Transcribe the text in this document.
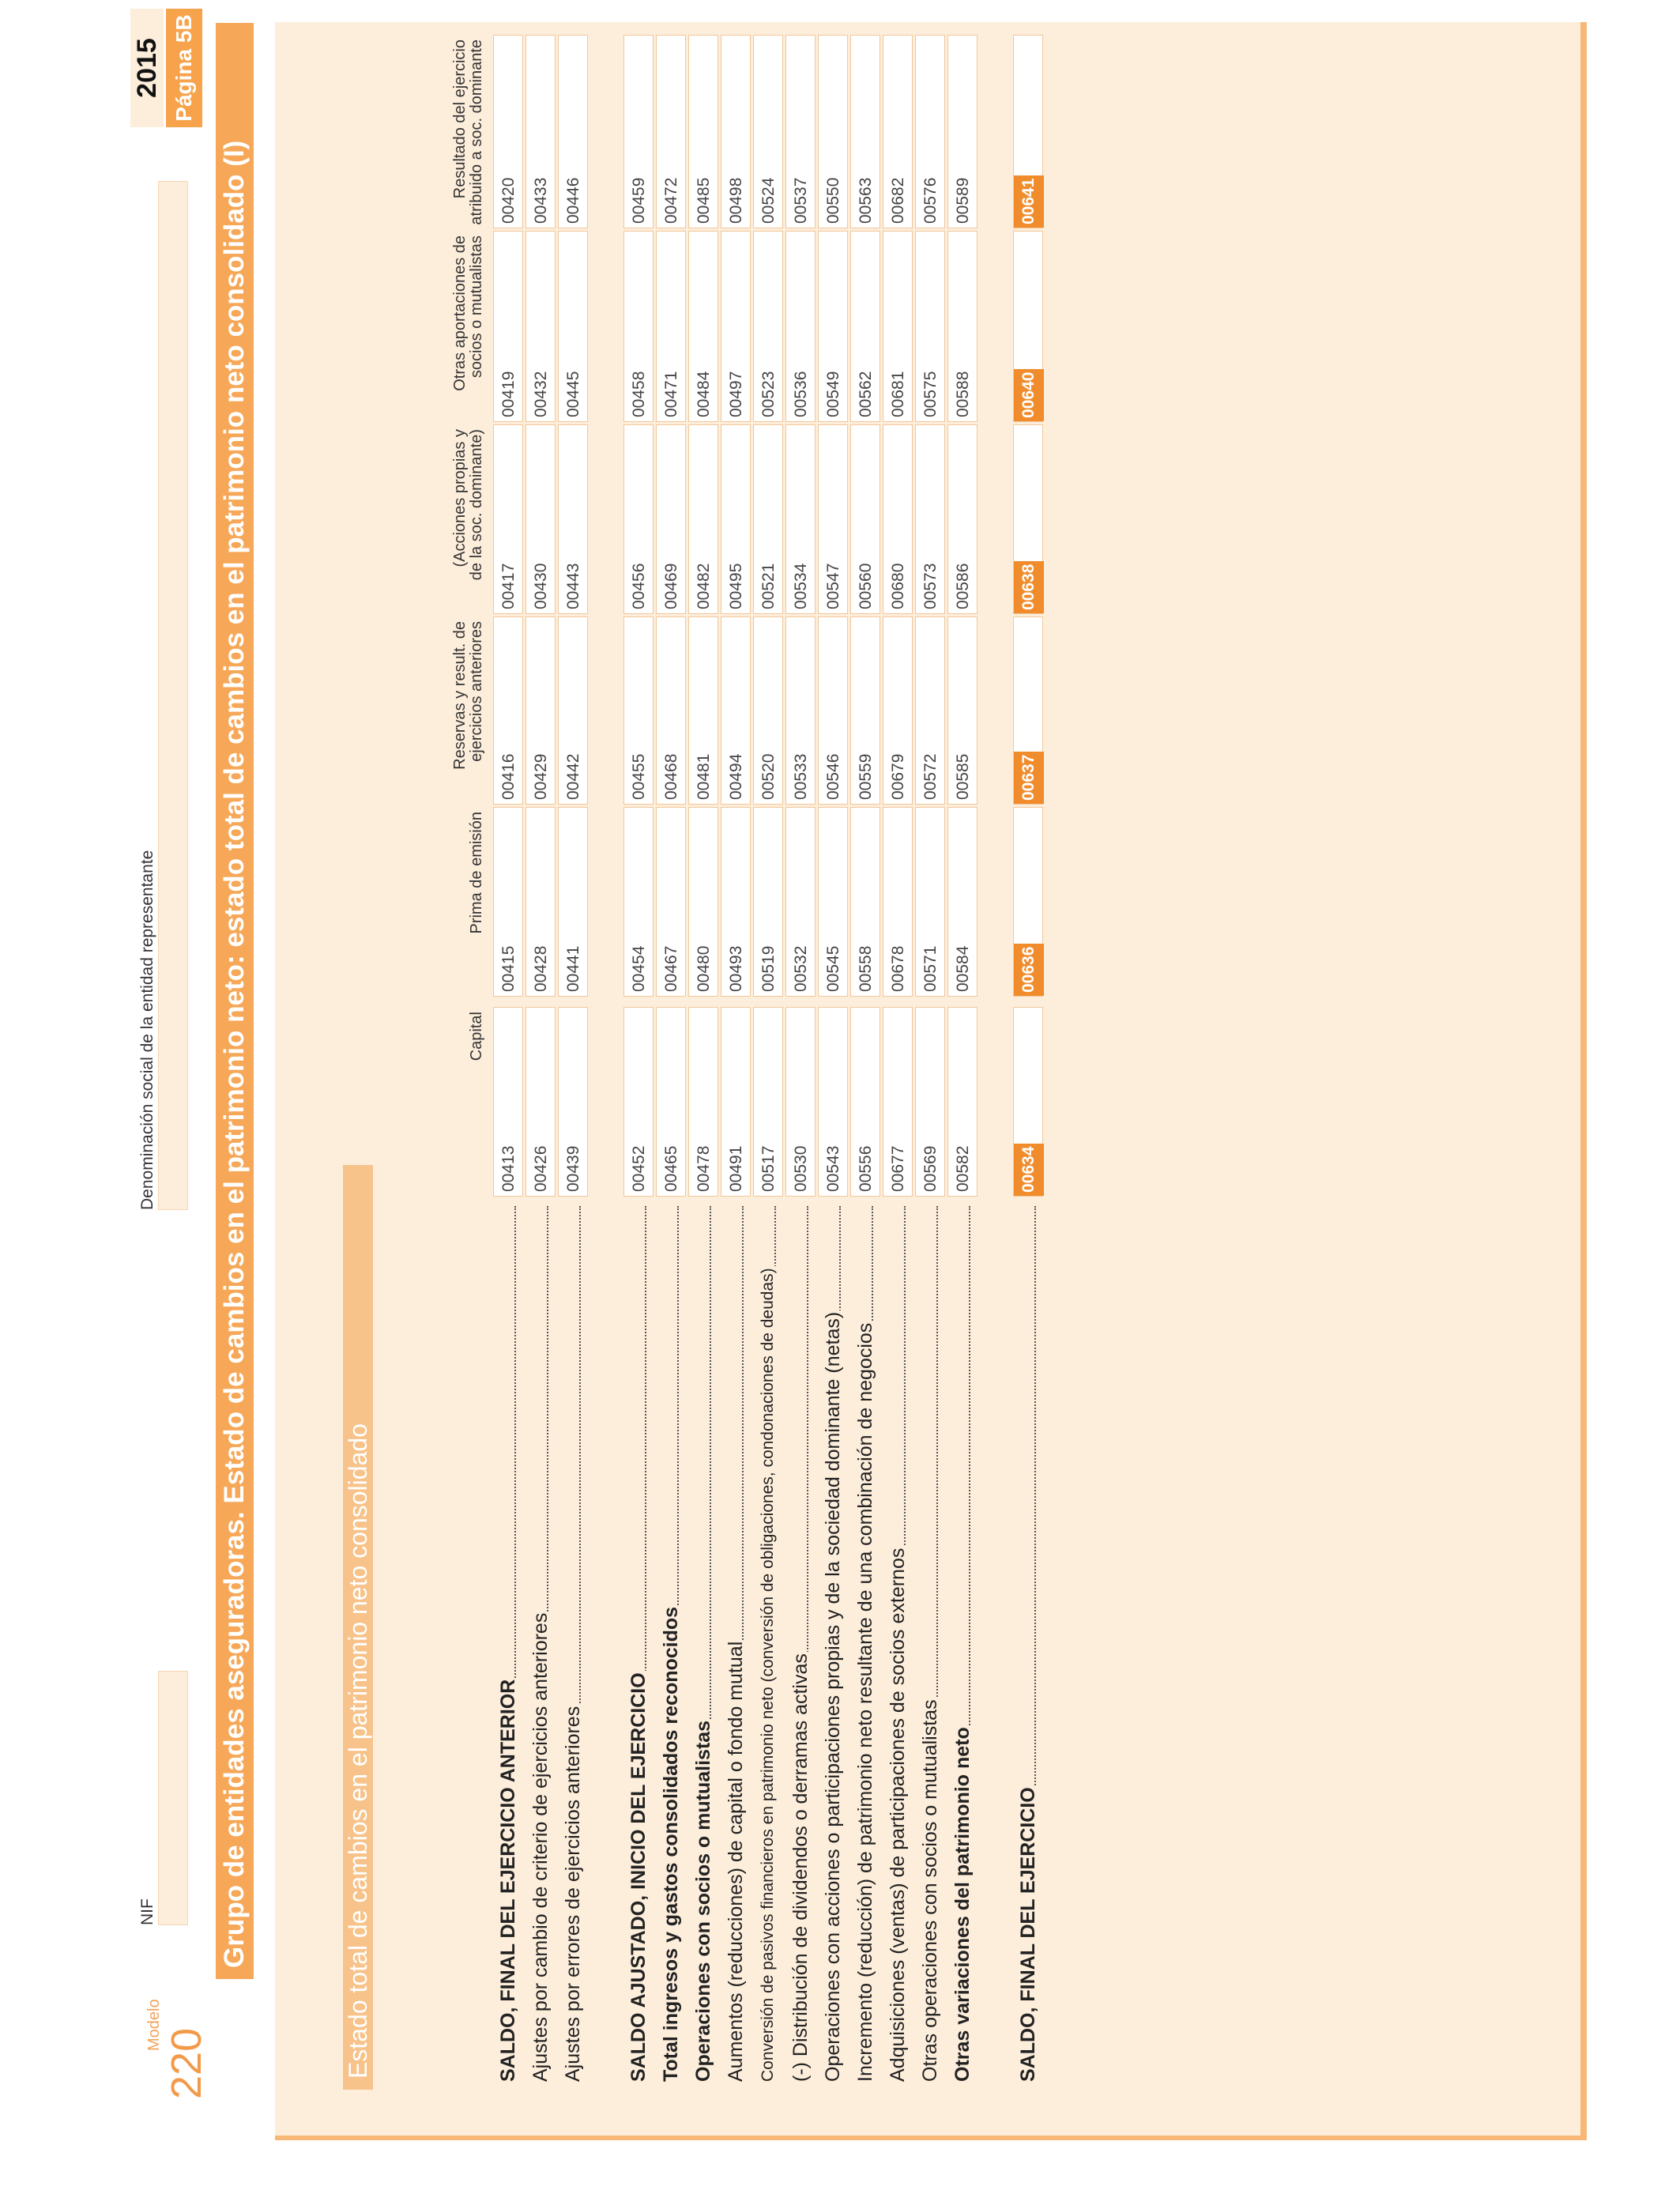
Modelo
220
NIF
Denominación social de la entidad representante
2015 Página 5B
Grupo de entidades aseguradoras. Estado de cambios en el patrimonio neto: estado total de cambios en el patrimonio neto consolidado (I)	Estado total de cambios en el patrimonio neto consolidado
Capital
Prima de emisión
Reservas y result. de ejercicios anteriores
(Acciones propias y de la soc. dominante)
Otras aportaciones de socios o mutualistas
Resultado del ejercicio atribuido a soc. dominante
SALDO, FINAL DEL EJERCICIO ANTERIOR
00413
00415
00416
00417
00419
00420
Ajustes por cambio de criterio de ejercicios anteriores
00426
00428
00429
00430
00432
00433
Ajustes por errores de ejercicios anteriores
00439
00441
00442
00443
00445
00446
SALDO AJUSTADO, INICIO DEL EJERCICIO
00452
00454
00455
00456
00458
00459
Total ingresos y gastos consolidados reconocidos
00465
00467
00468
00469
00471
00472
Operaciones con socios o mutualistas
00478
00480
00481
00482
00484
00485
Aumentos (reducciones) de capital o fondo mutual
00491
00493
00494
00495
00497
00498
Conversión de pasivos financieros en patrimonio neto (conversión de obligaciones, condonaciones de deudas)
00517
00519
00520
00521
00523
00524
(-) Distribución de dividendos o derramas activas
00530
00532
00533
00534
00536
00537
Operaciones con acciones o participaciones propias y de la sociedad dominante (netas)
00543
00545
00546
00547
00549
00550
Incremento (reducción) de patrimonio neto resultante de una combinación de negocios
00556
00558
00559
00560
00562
00563
Adquisiciones (ventas) de participaciones de socios externos
00677
00678
00679
00680
00681
00682
Otras operaciones con socios o mutualistas
00569
00571
00572
00573
00575
00576
Otras variaciones del patrimonio neto
00582
00584
00585
00586
00588
00589
SALDO, FINAL DEL EJERCICIO
00634
00636
00637
00638
00640
00641
